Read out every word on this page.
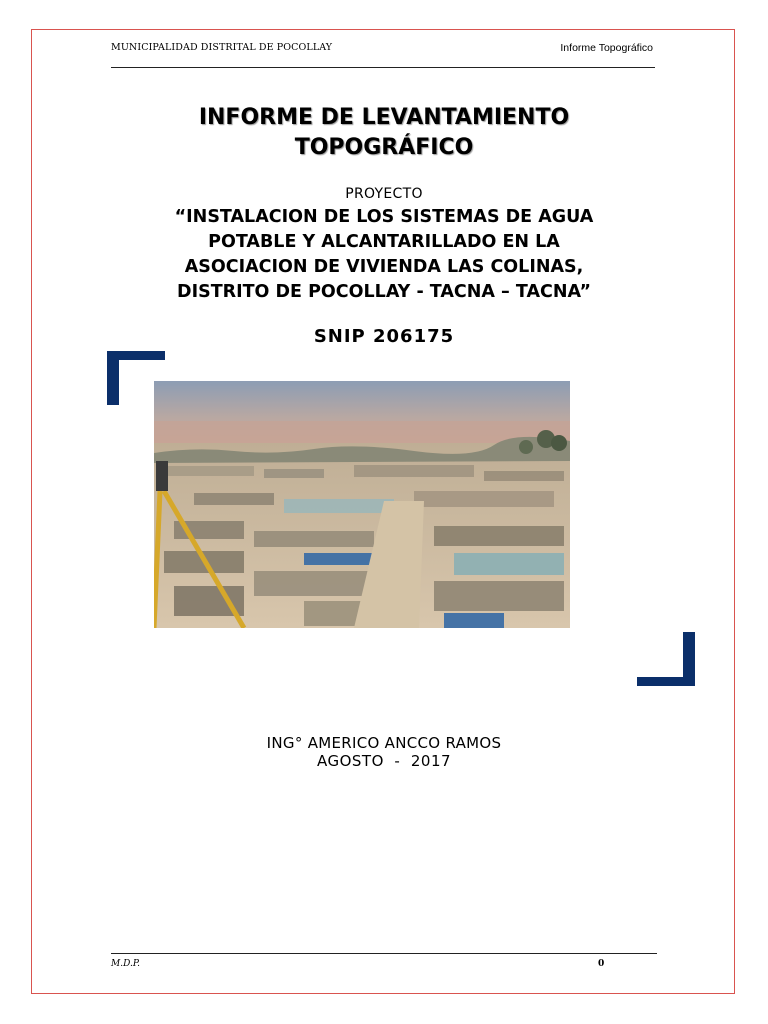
MUNICIPALIDAD DISTRITAL DE POCOLLAY	Informe Topográfico
INFORME DE LEVANTAMIENTO
TOPOGRÁFICO
PROYECTO
“INSTALACION DE LOS SISTEMAS DE AGUA
POTABLE Y ALCANTARILLADO EN LA
ASOCIACION DE VIVIENDA LAS COLINAS,
DISTRITO DE POCOLLAY - TACNA – TACNA”
SNIP 206175
ING° AMERICO ANCCO RAMOS
AGOSTO  -  2017
M.D.P.	0
